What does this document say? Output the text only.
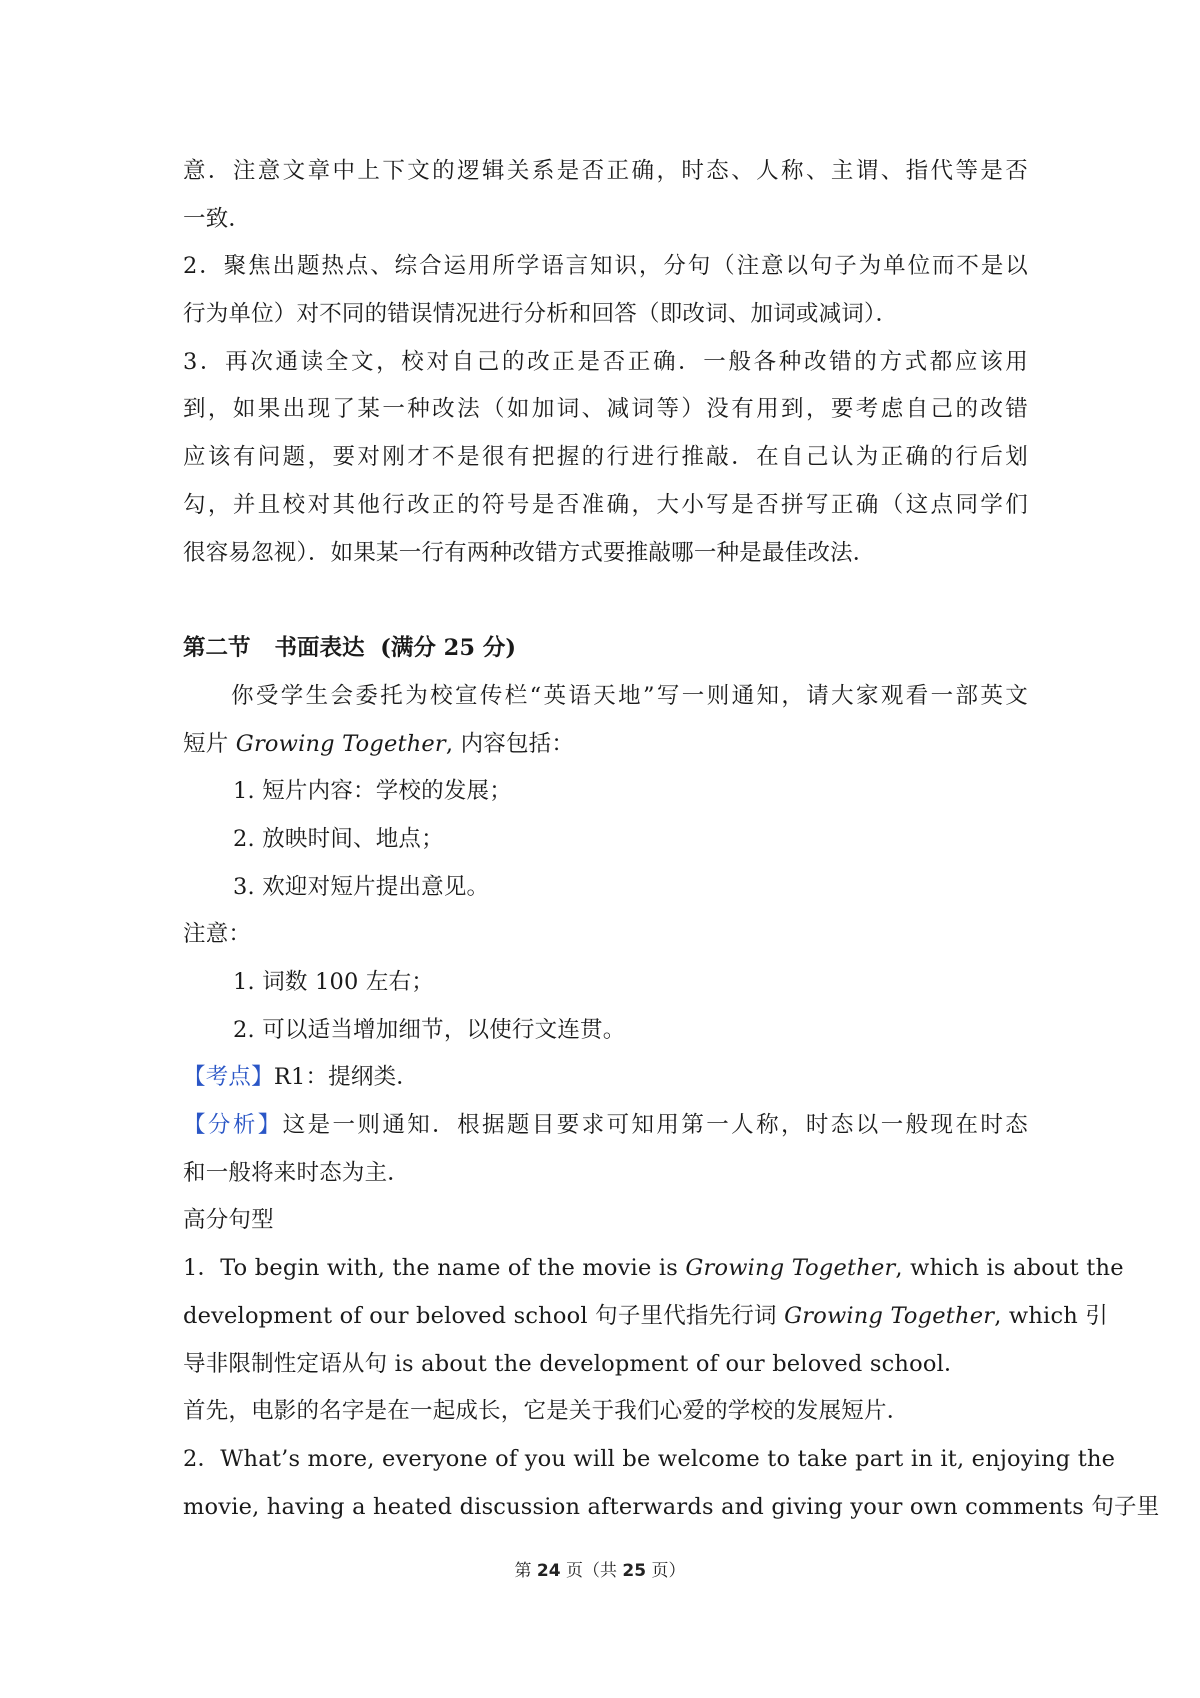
意．注意文章中上下文的逻辑关系是否正确，时态、人称、主谓、指代等是否
一致．
2．聚焦出题热点、综合运用所学语言知识，分句（注意以句子为单位而不是以
行为单位）对不同的错误情况进行分析和回答（即改词、加词或减词）．
3．再次通读全文，校对自己的改正是否正确．一般各种改错的方式都应该用
到，如果出现了某一种改法（如加词、减词等）没有用到，要考虑自己的改错
应该有问题，要对刚才不是很有把握的行进行推敲．在自己认为正确的行后划
勾，并且校对其他行改正的符号是否准确，大小写是否拼写正确（这点同学们
很容易忽视）．如果某一行有两种改错方式要推敲哪一种是最佳改法．
第二节 书面表达 (满分 25 分)
你受学生会委托为校宣传栏“英语天地”写一则通知，请大家观看一部英文
短片 Growing Together, 内容包括：
1. 短片内容：学校的发展；
2. 放映时间、地点；
3. 欢迎对短片提出意见。
注意：
1. 词数 100 左右；
2. 可以适当增加细节，以使行文连贯。
【考点】R1：提纲类．
【分析】这是一则通知．根据题目要求可知用第一人称，时态以一般现在时态
和一般将来时态为主．
高分句型
1．To begin with, the name of the movie is Growing Together, which is about the
development of our beloved school 句子里代指先行词 Growing Together, which 引
导非限制性定语从句 is about the development of our beloved school．
首先，电影的名字是在一起成长，它是关于我们心爱的学校的发展短片．
2．What’s more, everyone of you will be welcome to take part in it, enjoying the
movie, having a heated discussion afterwards and giving your own comments 句子里
第 24 页（共 25 页）
